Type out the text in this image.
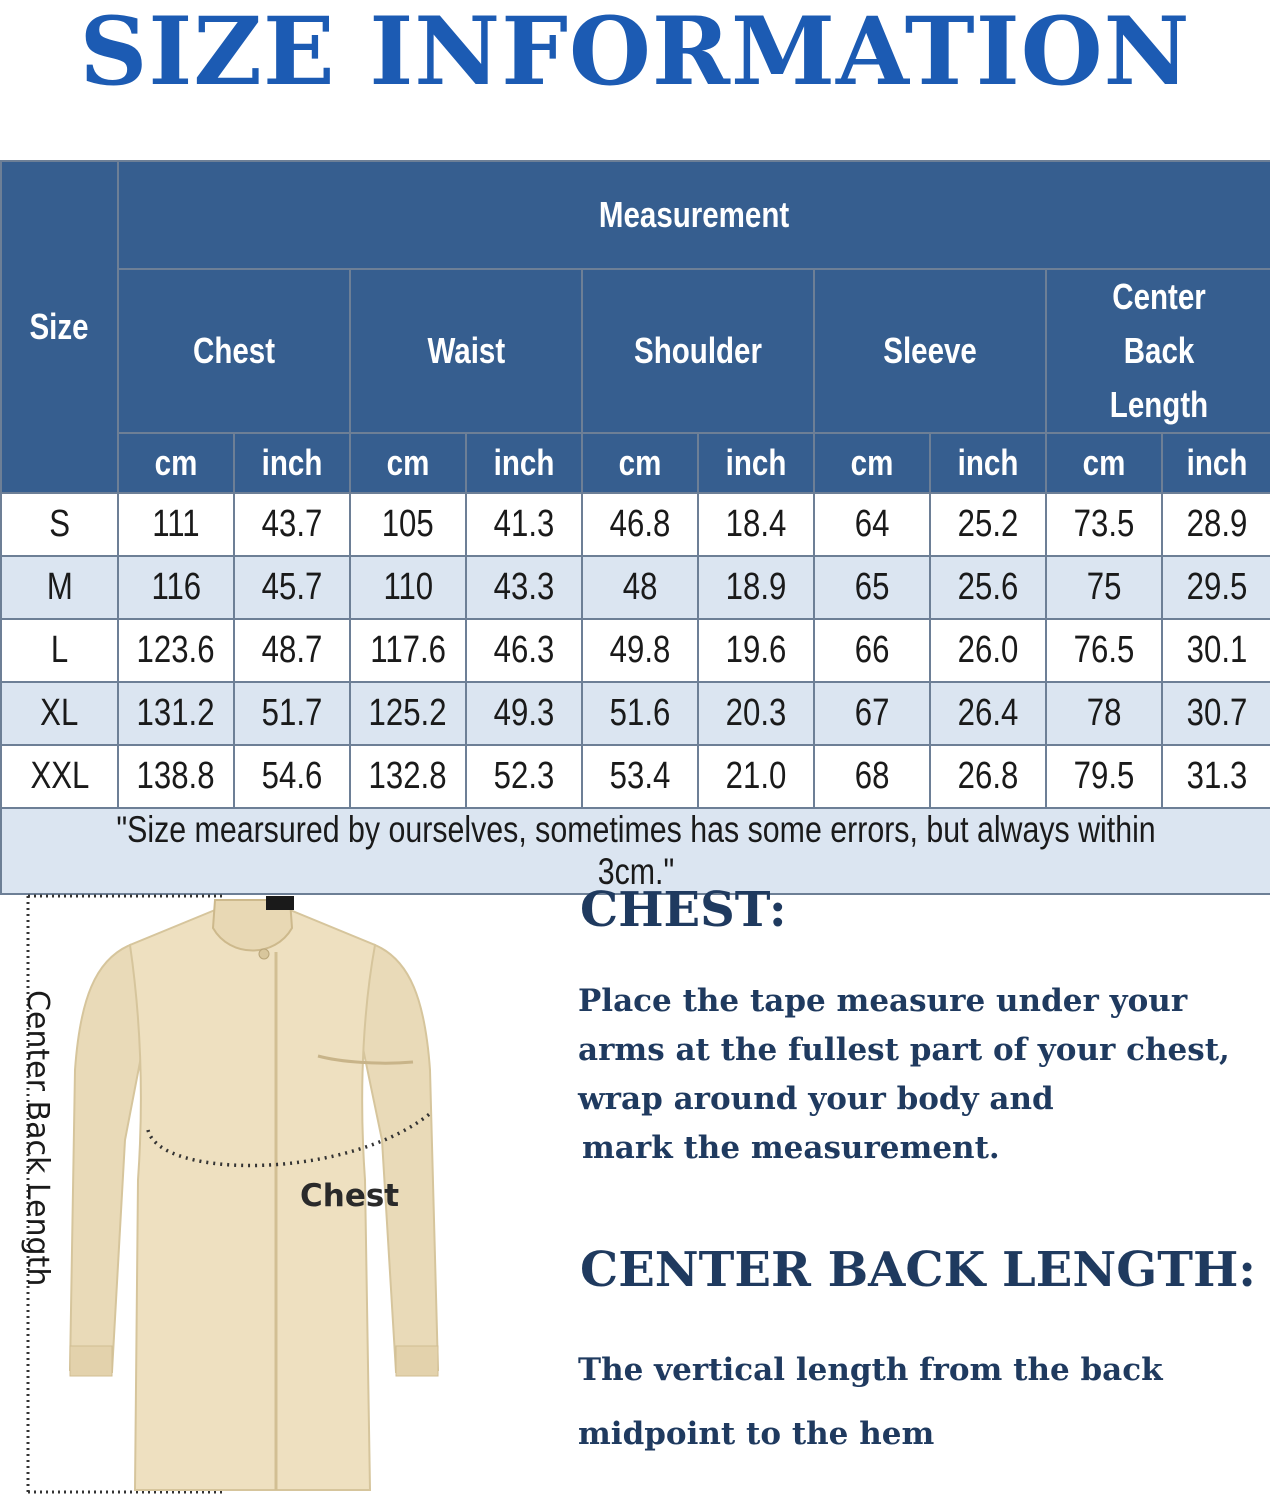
SIZE INFORMATION
Size	Measurement									
	Chest		Waist		Shoulder		Sleeve		Center Back Length	
	cm	inch	cm	inch	cm	inch	cm	inch	cm	inch
S	111	43.7	105	41.3	46.8	18.4	64	25.2	73.5	28.9
M	116	45.7	110	43.3	48	18.9	65	25.6	75	29.5
L	123.6	48.7	117.6	46.3	49.8	19.6	66	26.0	76.5	30.1
XL	131.2	51.7	125.2	49.3	51.6	20.3	67	26.4	78	30.7
XXL	138.8	54.6	132.8	52.3	53.4	21.0	68	26.8	79.5	31.3
"Size mearsured by ourselves, sometimes has some errors, but always within 3cm."										
Center Back Length	Chest
CHEST:
Place the tape measure under your
arms at the fullest part of your chest,
wrap around your body and
mark the measurement.
CENTER BACK LENGTH:
The vertical length from the back
midpoint to the hem
